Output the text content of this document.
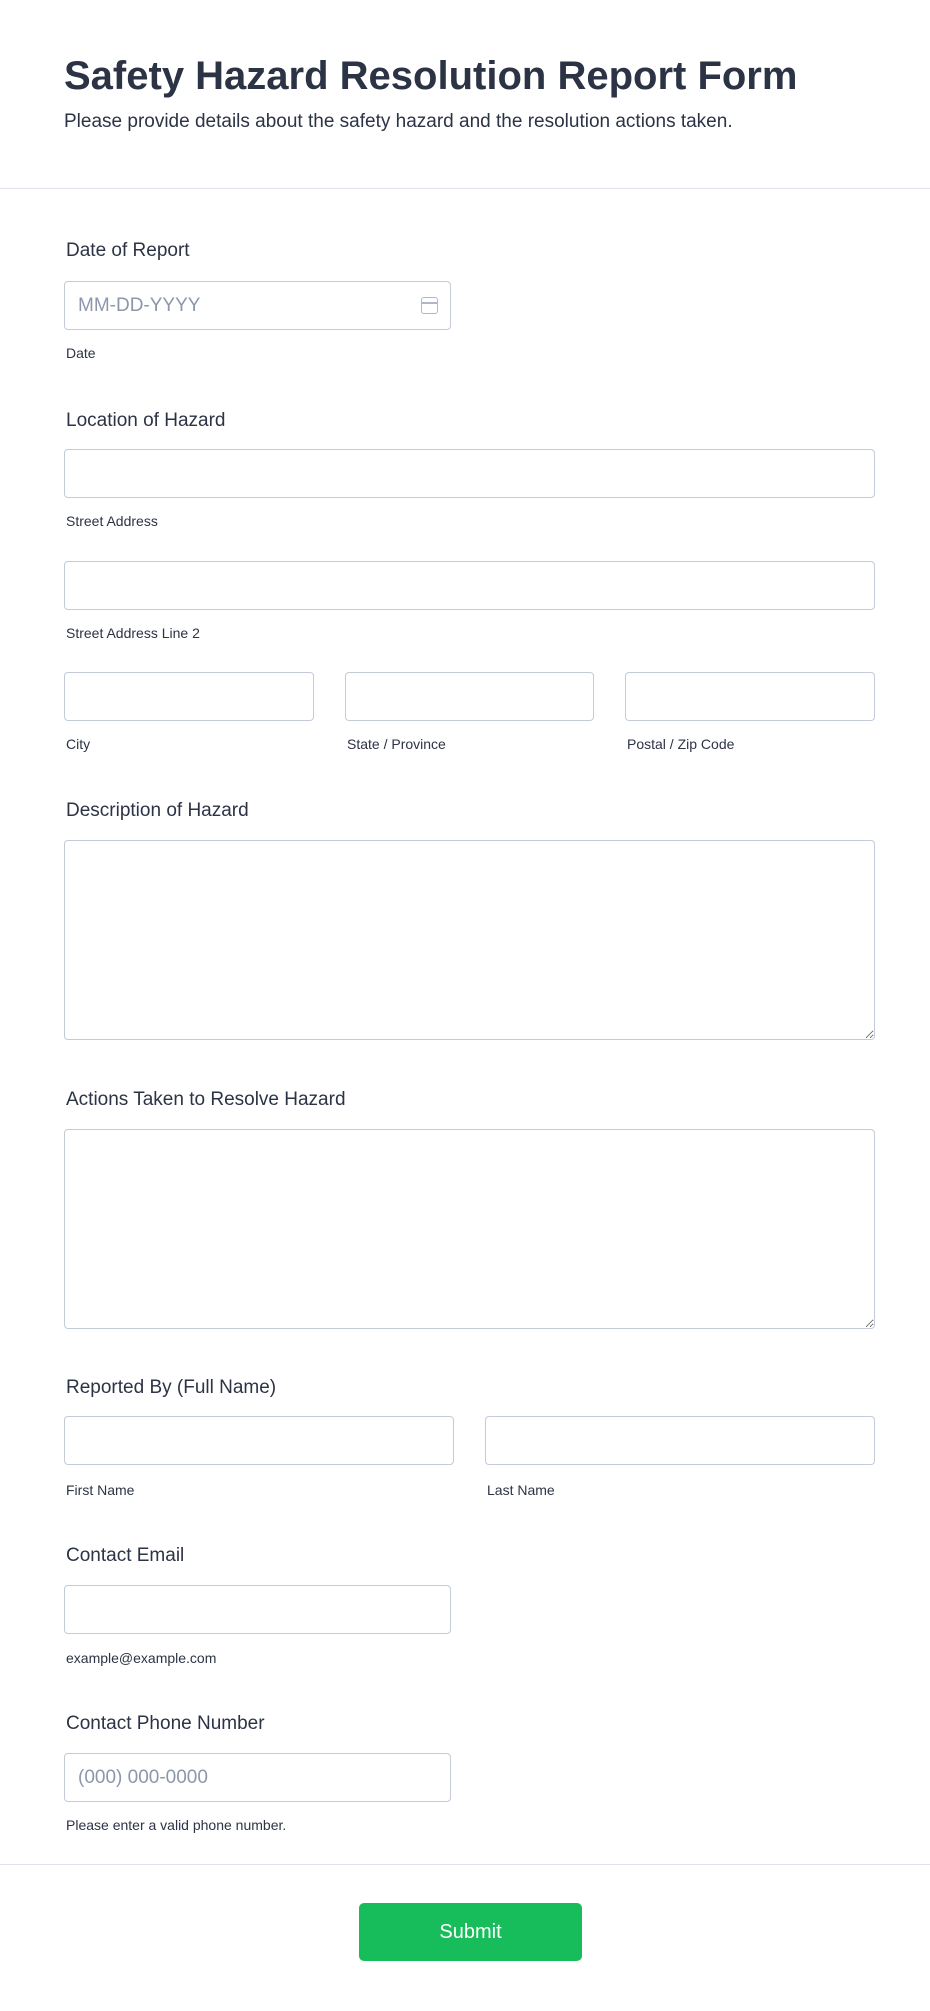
Safety Hazard Resolution Report Form

Please provide details about the safety hazard and the resolution actions taken.

Date of Report
MM-DD-YYYY
Date
Location of Hazard
Street Address
Street Address Line 2
City	State / Province	Postal / Zip Code
Description of Hazard
Actions Taken to Resolve Hazard
Reported By (Full Name)
First Name	Last Name
Contact Email
example@example.com
Contact Phone Number
(000) 000-0000
Please enter a valid phone number.
Submit
